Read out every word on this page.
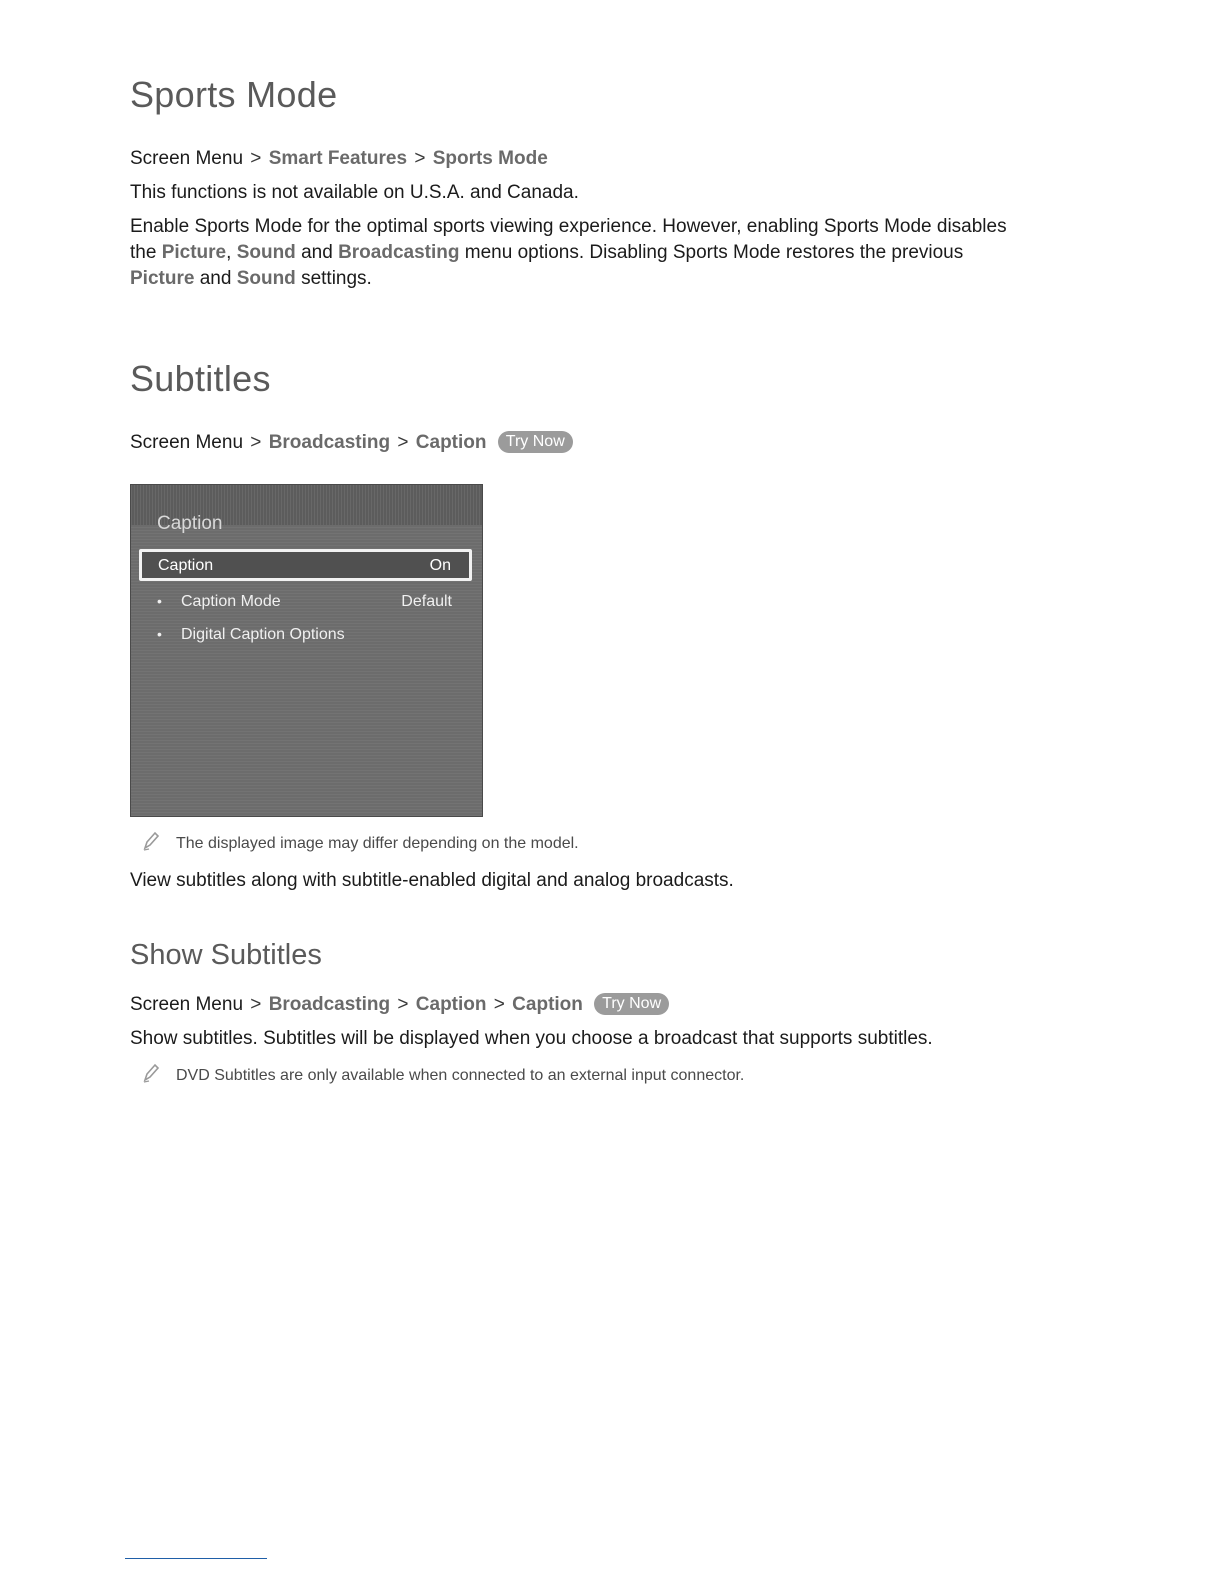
Sports Mode
Screen Menu > Smart Features > Sports Mode
This functions is not available on U.S.A. and Canada.
Enable Sports Mode for the optimal sports viewing experience. However, enabling Sports Mode disables the Picture, Sound and Broadcasting menu options. Disabling Sports Mode restores the previous Picture and Sound settings.
Subtitles
Screen Menu > Broadcasting > Caption Try Now
Caption
Caption	On
• Caption Mode	Default
• Digital Caption Options
The displayed image may differ depending on the model.
View subtitles along with subtitle-enabled digital and analog broadcasts.
Show Subtitles
Screen Menu > Broadcasting > Caption > Caption Try Now
Show subtitles. Subtitles will be displayed when you choose a broadcast that supports subtitles.
DVD Subtitles are only available when connected to an external input connector.
